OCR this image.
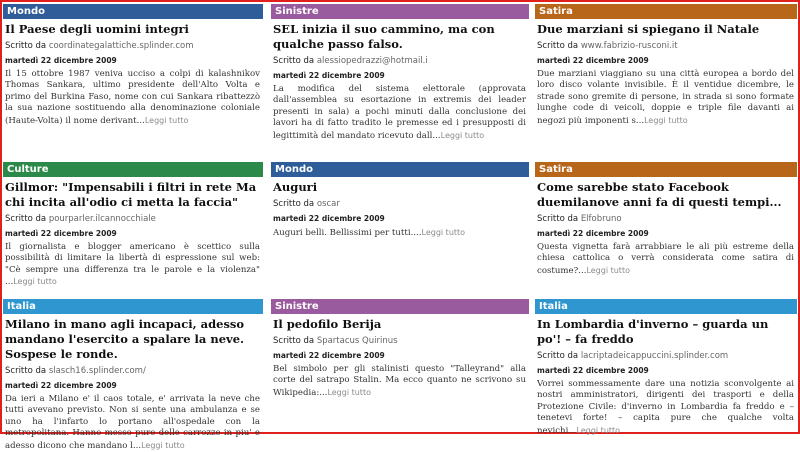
Mondo
Il Paese degli uomini integri
Scritto da coordinategalattiche.splinder.com
martedì 22 dicembre 2009
Il 15 ottobre 1987 veniva ucciso a colpi di kalashnikov Thomas Sankara, ultimo presidente dell'Alto Volta e primo del Burkina Faso, nome con cui Sankara ribattezzò la sua nazione sostituendo alla denominazione coloniale (Haute-Volta) il nome derivant...Leggi tutto
Sinistre
SEL inizia il suo cammino, ma con qualche passo falso.
Scritto da alessiopedrazzi@hotmail.i
martedì 22 dicembre 2009
La modifica del sistema elettorale (approvata dall'assemblea su esortazione in extremis dei leader presenti in sala) a pochi minuti dalla conclusione dei lavori ha di fatto tradito le premesse ed i presupposti di legittimità del mandato ricevuto dall...Leggi tutto
Satira
Due marziani si spiegano il Natale
Scritto da www.fabrizio-rusconi.it
martedì 22 dicembre 2009
Due marziani viaggiano su una città europea a bordo del loro disco volante invisibile. È il ventidue dicembre, le strade sono gremite di persone, in strada si sono formate lunghe code di veicoli, doppie e triple file davanti ai negozi più imponenti s...Leggi tutto
Culture
Gillmor: "Impensabili i filtri in rete Ma chi incita all'odio ci metta la faccia"
Scritto da pourparler.ilcannocchiale
martedì 22 dicembre 2009
Il giornalista e blogger americano è scettico sulla possibilità di limitare la libertà di espressione sul web: "Cè sempre una differenza tra le parole e la violenza" ...Leggi tutto
Mondo
Auguri
Scritto da oscar
martedì 22 dicembre 2009
Auguri belli. Bellissimi per tutti....Leggi tutto
Satira
Come sarebbe stato Facebook duemilanove anni fa di questi tempi...
Scritto da Elfobruno
martedì 22 dicembre 2009
Questa vignetta farà arrabbiare le ali più estreme della chiesa cattolica o verrà considerata come satira di costume?...Leggi tutto
Italia
Milano in mano agli incapaci, adesso mandano l'esercito a spalare la neve. Sospese le ronde.
Scritto da slasch16.splinder.com/
martedì 22 dicembre 2009
Da ieri a Milano e' il caos totale, e' arrivata la neve che tutti avevano previsto. Non si sente una ambulanza e se uno ha l'infarto lo portano all'ospedale con la metropolitana. Hanno messo pure delle carrozze in piu' e adesso dicono che mandano l...Leggi tutto
Sinistre
Il pedofilo Berija
Scritto da Spartacus Quirinus
martedì 22 dicembre 2009
Bel simbolo per gli stalinisti questo "Talleyrand" alla corte del satrapo Stalin. Ma ecco quanto ne scrivono su Wikipedia:...Leggi tutto
Italia
In Lombardia d'inverno – guarda un po'! – fa freddo
Scritto da lacriptadeicappuccini.splinder.com
martedì 22 dicembre 2009
Vorrei sommessamente dare una notizia sconvolgente ai nostri amministratori, dirigenti dei trasporti e della Protezione Civile: d'inverno in Lombardia fa freddo e – tenetevi forte! – capita pure che qualche volta nevichi...Leggi tutto
